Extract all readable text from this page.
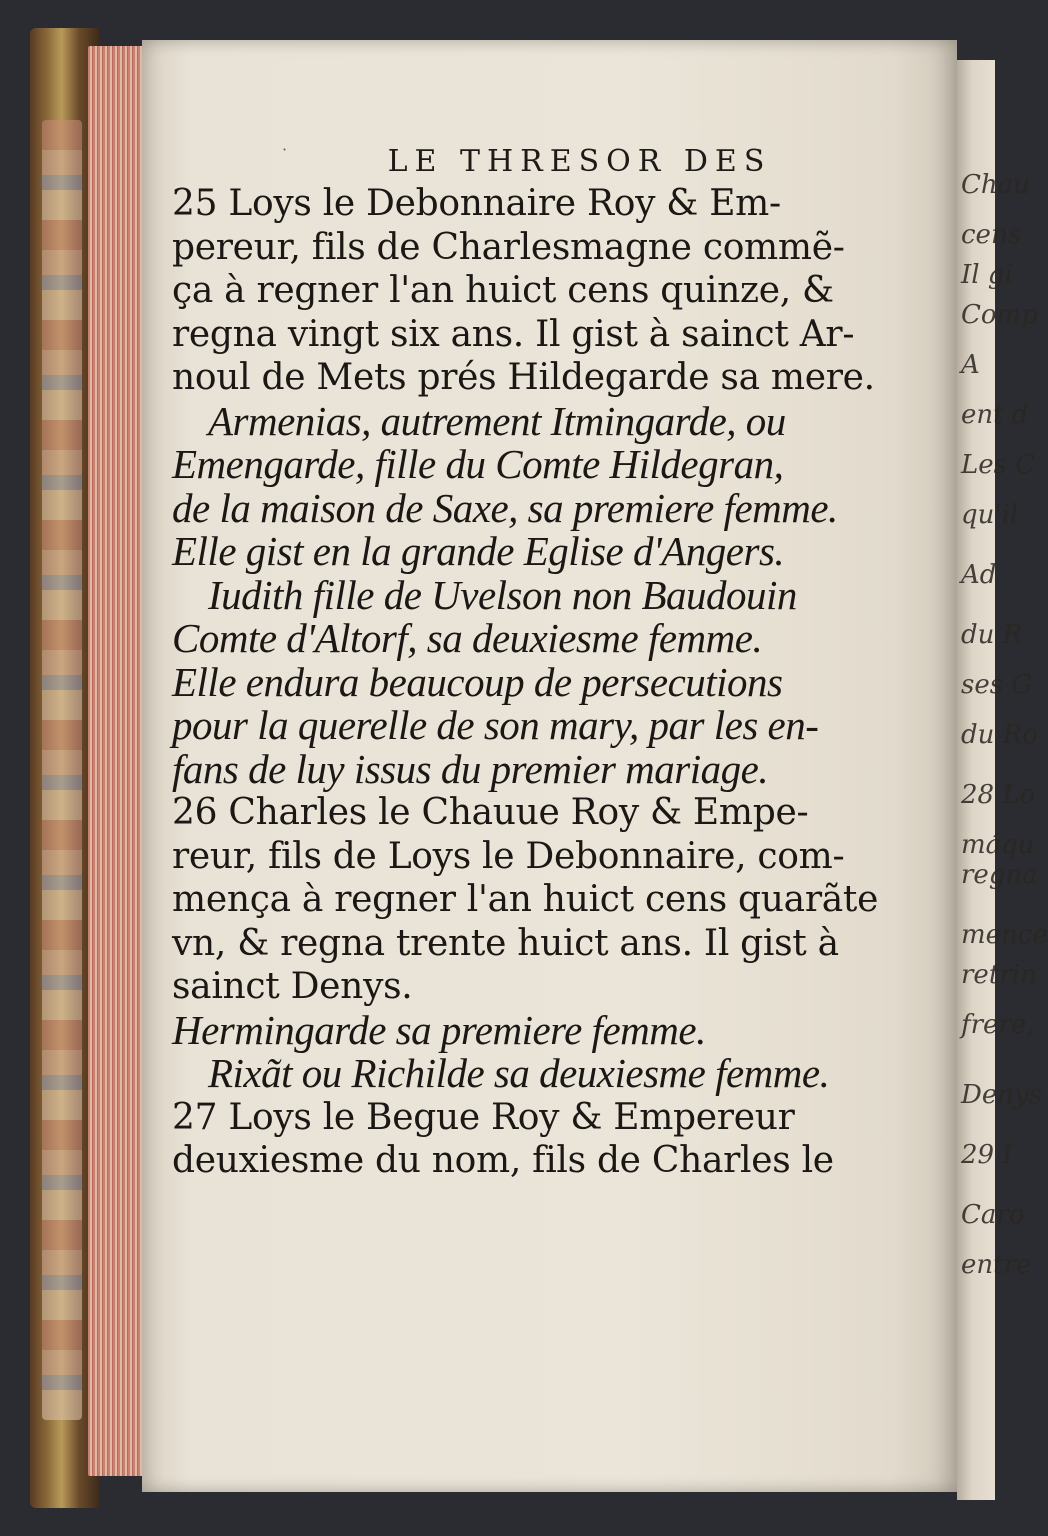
LE THRESOR DES
·
25 Loys le Debonnaire Roy & Em-
pereur, fils de Charlesmagne commẽ-
ça à regner l'an huict cens quinze, &
regna vingt six ans. Il gist à sainct Ar-
noul de Mets prés Hildegarde sa mere.
Armenias, autrement Itmingarde, ou
Emengarde, fille du Comte Hildegran,
de la maison de Saxe, sa premiere femme.
Elle gist en la grande Eglise d'Angers.
Iudith fille de Uvelson non Baudouin
Comte d'Altorf, sa deuxiesme femme.
Elle endura beaucoup de persecutions
pour la querelle de son mary, par les en-
fans de luy issus du premier mariage.
26 Charles le Chauue Roy & Empe-
reur, fils de Loys le Debonnaire, com-
mença à regner l'an huict cens quarãte
vn, & regna trente huict ans. Il gist à
sainct Denys.
Hermingarde sa premiere femme.
Rixãt ou Richilde sa deuxiesme femme.
27 Loys le Begue Roy & Empereur
deuxiesme du nom, fils de Charles le
Chau
cens
Il gi
Comp
A
ent d
Les C
qu'il
Ad
du R
ses G
du Ro
28 Lo
máqu
regna
mence
retrin
frere,
Denys
29 I
Caro
entre
